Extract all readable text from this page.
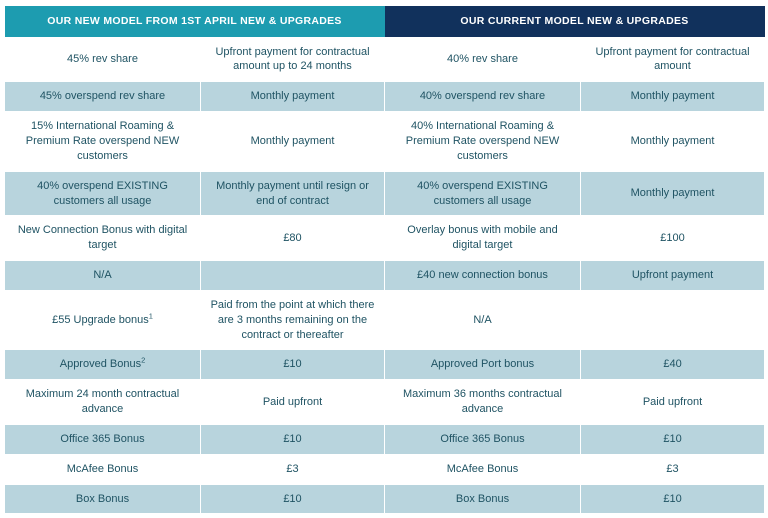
OUR NEW MODEL FROM 1ST APRIL NEW & UPGRADES		OUR CURRENT MODEL NEW & UPGRADES	
45% rev share	Upfront payment for contractual amount up to 24 months	40% rev share	Upfront payment for contractual amount
45% overspend rev share	Monthly payment	40% overspend rev share	Monthly payment
15% International Roaming & Premium Rate overspend NEW customers	Monthly payment	40% International Roaming & Premium Rate overspend NEW customers	Monthly payment
40% overspend EXISTING customers all usage	Monthly payment until resign or end of contract	40% overspend EXISTING customers all usage	Monthly payment
New Connection Bonus with digital target	£80	Overlay bonus with mobile and digital target	£100
N/A		£40 new connection bonus	Upfront payment
£55 Upgrade bonus$^1$	Paid from the point at which there are 3 months remaining on the contract or thereafter	N/A	
Approved Bonus$^2$	£10	Approved Port bonus	£40
Maximum 24 month contractual advance	Paid upfront	Maximum 36 months contractual advance	Paid upfront
Office 365 Bonus	£10	Office 365 Bonus	£10
McAfee Bonus	£3	McAfee Bonus	£3
Box Bonus	£10	Box Bonus	£10
